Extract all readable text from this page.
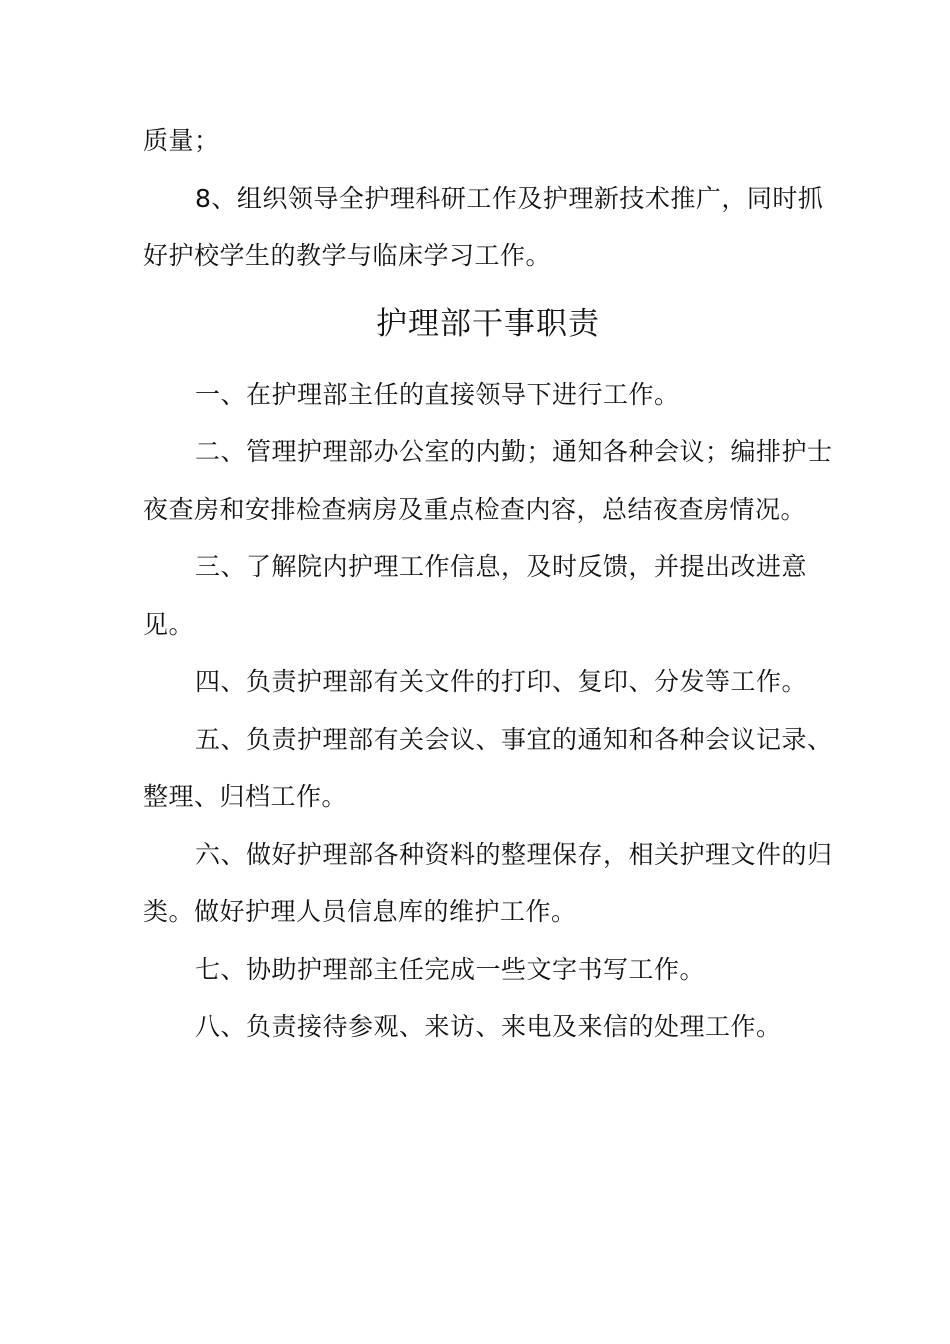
质量；

8、组织领导全护理科研工作及护理新技术推广，同时抓好护校学生的教学与临床学习工作。

护理部干事职责

一、在护理部主任的直接领导下进行工作。

二、管理护理部办公室的内勤；通知各种会议；编排护士夜查房和安排检查病房及重点检查内容，总结夜查房情况。

三、了解院内护理工作信息，及时反馈，并提出改进意见。

四、负责护理部有关文件的打印、复印、分发等工作。

五、负责护理部有关会议、事宜的通知和各种会议记录、整理、归档工作。

六、做好护理部各种资料的整理保存，相关护理文件的归类。做好护理人员信息库的维护工作。

七、协助护理部主任完成一些文字书写工作。

八、负责接待参观、来访、来电及来信的处理工作。
